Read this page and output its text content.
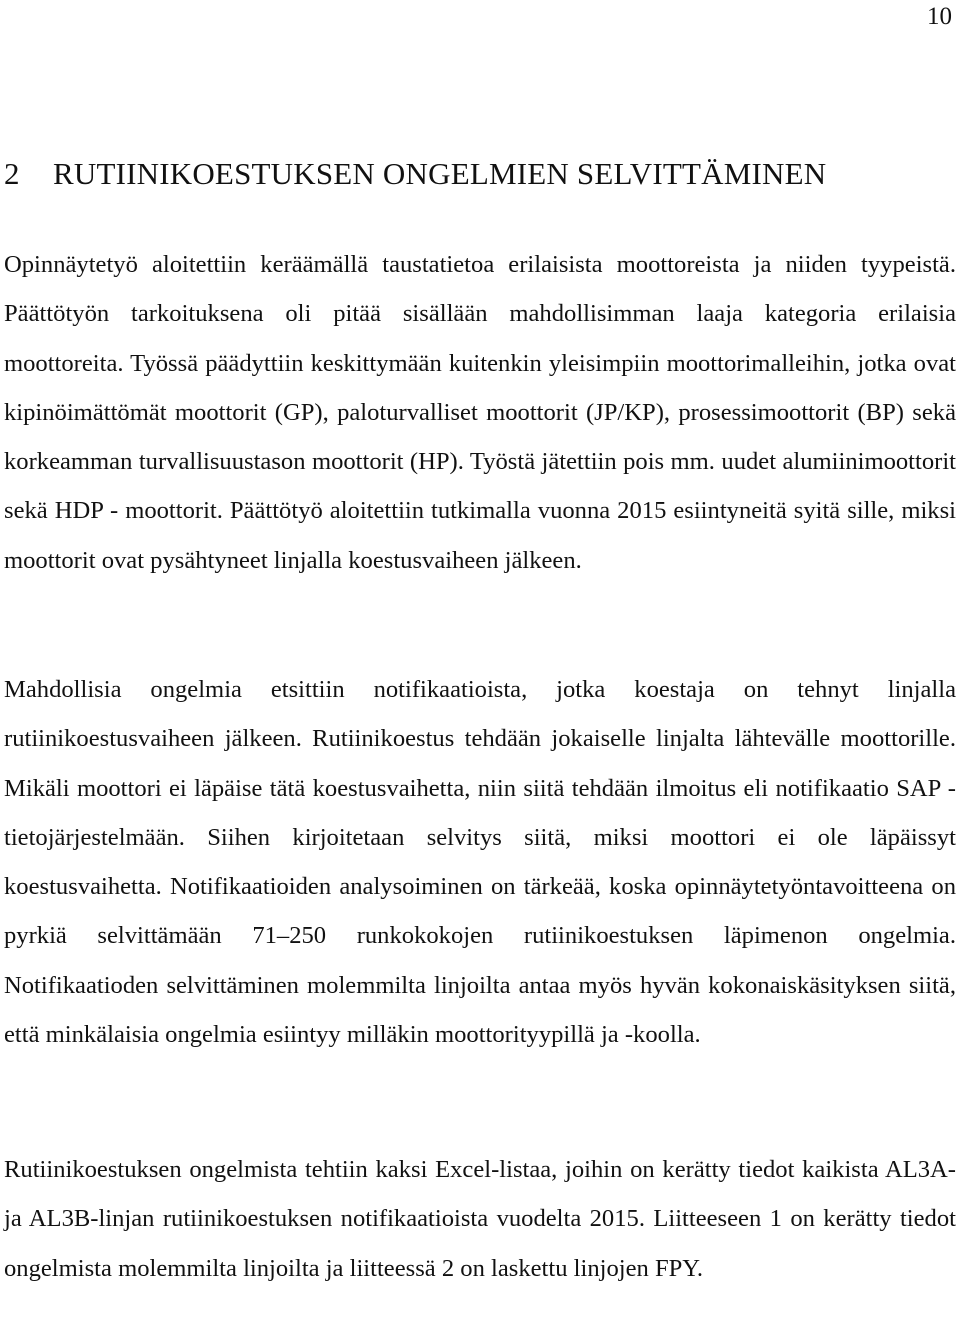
10
2 RUTIINIKOESTUKSEN ONGELMIEN SELVITTÄMINEN

Opinnäytetyö aloitettiin keräämällä taustatietoa erilaisista moottoreista ja niiden tyypeistä. Päättötyön tarkoituksena oli pitää sisällään mahdollisimman laaja kategoria erilaisia moottoreita. Työssä päädyttiin keskittymään kuitenkin yleisimpiin moottorimalleihin, jotka ovat kipinöimättömät moottorit (GP), paloturvalliset moottorit (JP/KP), prosessimoottorit (BP) sekä korkeamman turvallisuustason moottorit (HP). Työstä jätettiin pois mm. uudet alumiinimoottorit sekä HDP - moottorit. Päättötyö aloitettiin tutkimalla vuonna 2015 esiintyneitä syitä sille, miksi moottorit ovat pysähtyneet linjalla koestusvaiheen jälkeen.

Mahdollisia ongelmia etsittiin notifikaatioista, jotka koestaja on tehnyt linjalla rutiinikoestusvaiheen jälkeen. Rutiinikoestus tehdään jokaiselle linjalta lähtevälle moottorille. Mikäli moottori ei läpäise tätä koestusvaihetta, niin siitä tehdään ilmoitus eli notifikaatio SAP -tietojärjestelmään. Siihen kirjoitetaan selvitys siitä, miksi moottori ei ole läpäissyt koestusvaihetta. Notifikaatioiden analysoiminen on tärkeää, koska opinnäytetyöntavoitteena on pyrkiä selvittämään 71–250 runkokokojen rutiinikoestuksen läpimenon ongelmia. Notifikaatioden selvittäminen molemmilta linjoilta antaa myös hyvän kokonaiskäsityksen siitä, että minkälaisia ongelmia esiintyy milläkin moottorityypillä ja -koolla.

Rutiinikoestuksen ongelmista tehtiin kaksi Excel-listaa, joihin on kerätty tiedot kaikista AL3A- ja AL3B-linjan rutiinikoestuksen notifikaatioista vuodelta 2015. Liitteeseen 1 on kerätty tiedot ongelmista molemmilta linjoilta ja liitteessä 2 on laskettu linjojen FPY.
